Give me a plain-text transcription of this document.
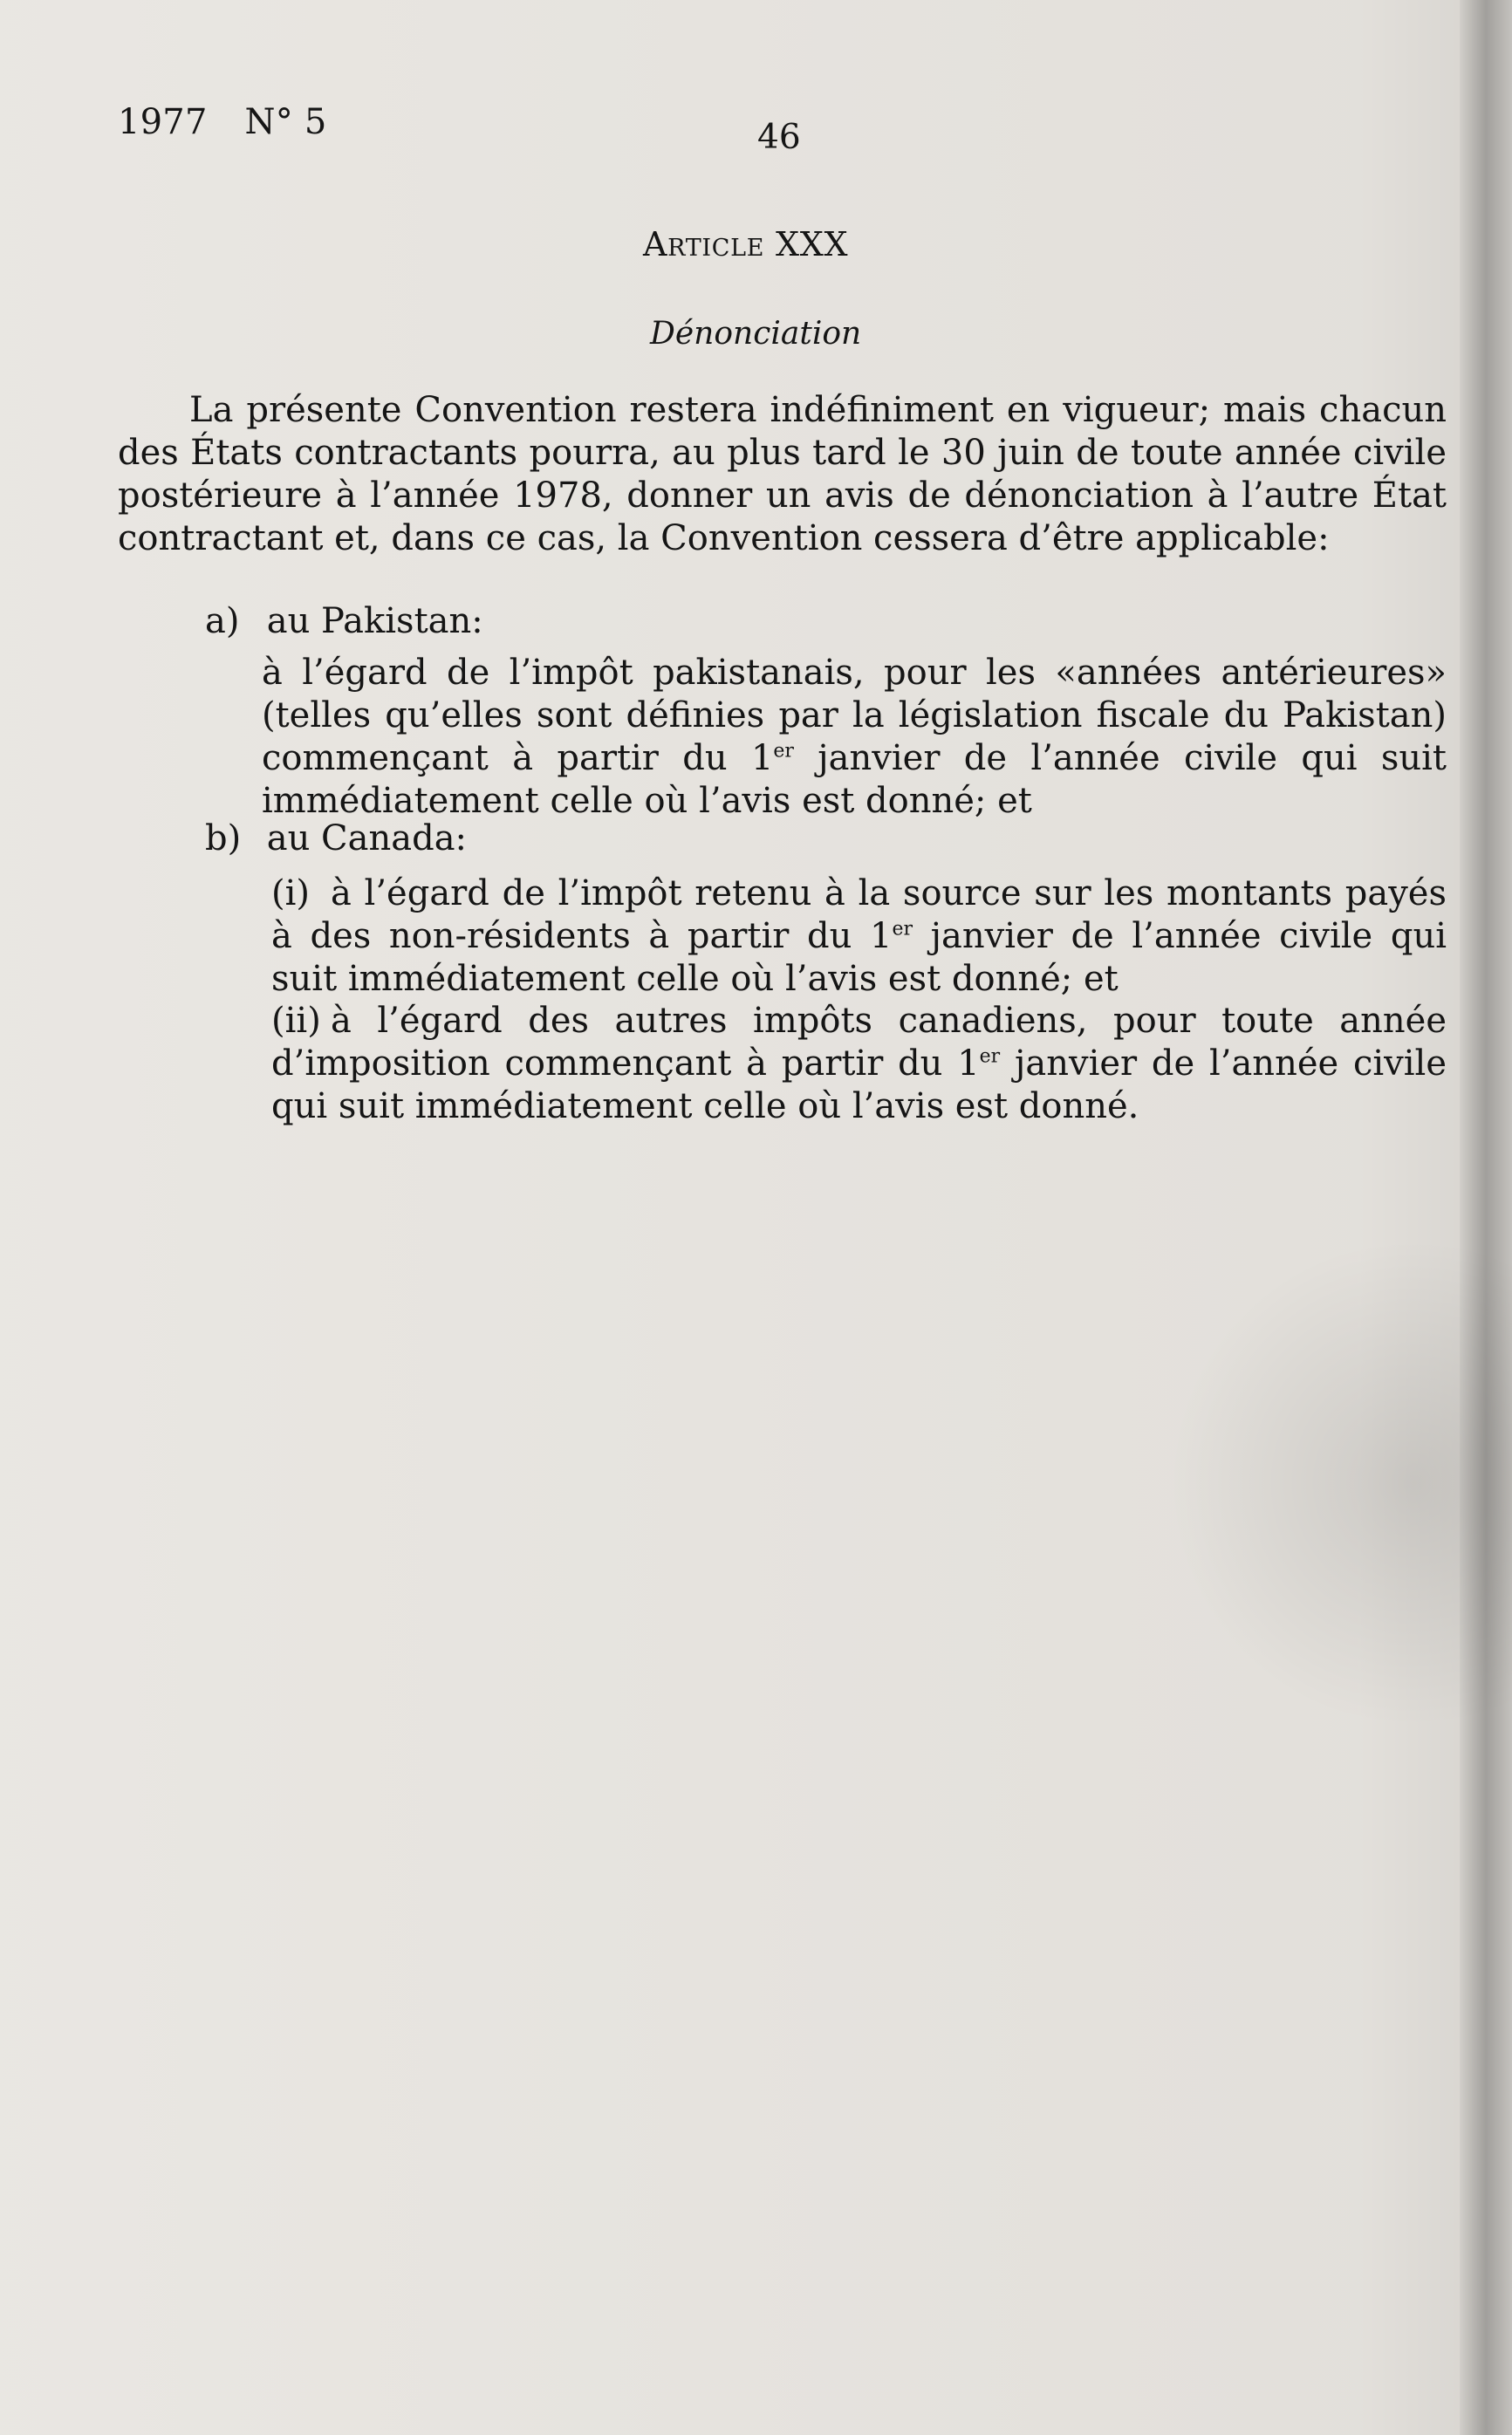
1977 N° 5	46
Article XXX
Dénonciation

La présente Convention restera indéfiniment en vigueur; mais chacun des États contractants pourra, au plus tard le 30 juin de toute année civile postérieure à l’année 1978, donner un avis de dénonciation à l’autre État contractant et, dans ce cas, la Convention cessera d’être applicable:

a) au Pakistan:
à l’égard de l’impôt pakistanais, pour les «années antérieures» (telles qu’elles sont définies par la législation fiscale du Pakistan) commençant à partir du 1er janvier de l’année civile qui suit immédiatement celle où l’avis est donné; et
b) au Canada:
(i) à l’égard de l’impôt retenu à la source sur les montants payés à des non-résidents à partir du 1er janvier de l’année civile qui suit immédiatement celle où l’avis est donné; et
(ii) à l’égard des autres impôts canadiens, pour toute année d’imposition commençant à partir du 1er janvier de l’année civile qui suit immédiatement celle où l’avis est donné.
